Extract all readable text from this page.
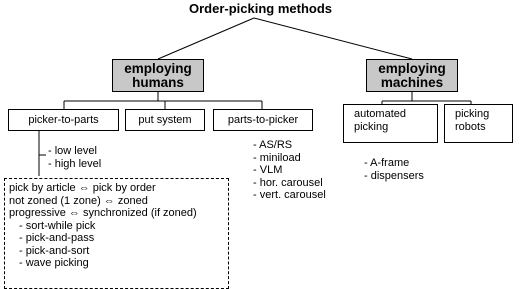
Order-picking methods
employing
humans
employing
machines
picker-to-parts	put system	parts-to-picker	automated
picking
picking
robots
- low level
- high level
- AS/RS
- miniload
- VLM
- hor. carousel
- vert. carousel
- A-frame
- dispensers
pick by article ⇔ pick by order
not zoned (1 zone) ⇔ zoned
progressive ⇔ synchronized (if zoned)
- sort-while pick
- pick-and-pass
- pick-and-sort
- wave picking
